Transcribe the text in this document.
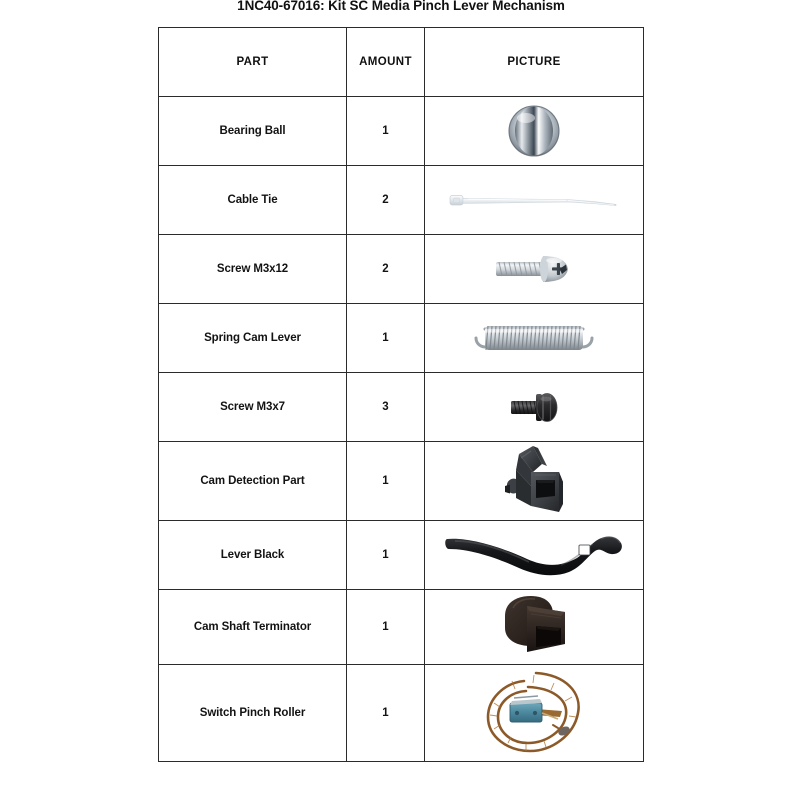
1NC40-67016: Kit SC Media Pinch Lever Mechanism
PART	AMOUNT	PICTURE
Bearing Ball	1	

Cable Tie	2	

Screw M3x12	2	

Spring Cam Lever	1	

Screw M3x7	3	

Cam Detection Part	1	

Lever Black	1	

Cam Shaft Terminator	1	

Switch Pinch Roller	1	
